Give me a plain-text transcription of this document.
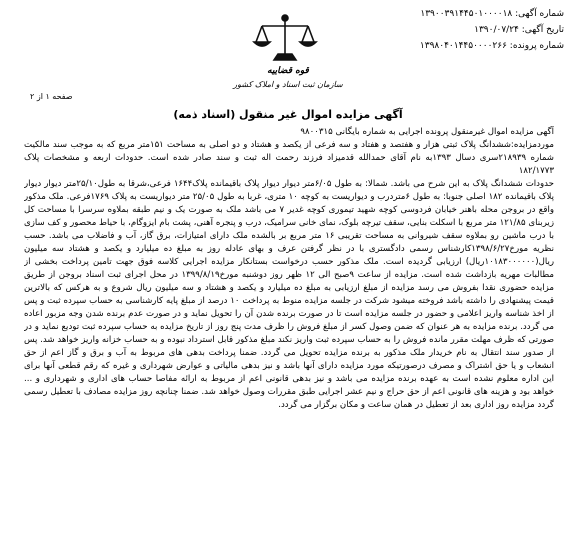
شماره آگهی: ۱۳۹۰۰۳۹۱۴۴۵۰۱۰۰۰۰۱۸
تاریخ آگهی: ۱۳۹۰/۰۷/۲۴
شماره پرونده: ۱۳۹۸۰۴۰۱۴۴۵۰۰۰۰۲۶۶
قوه قضاییه
سازمان ثبت اسناد و املاک کشور
صفحه ۱ از ۲
آگهی مزایده اموال غیر منقول (اسناد ذمه)

آگهی مزایده اموال غیرمنقول پرونده اجرایی به شماره بایگانی ۹۸۰۰۳۱۵

موردمزایده:ششدانگ پلاک ثبتی هزار و هفتصد و هفتاد و سه فرعی از یکصد و هشتاد و دو اصلی به مساحت ۱۵۱متر مربع که به موجب سند مالکیت شماره ۲۱۸۹۳۹سری دسال ۱۳۹۳به نام آقای حمدالله قدمیزاد فرزند رحمت اله ثبت و سند صادر شده است. حدودات اربعه و مشخصات پلاک ۱۸۲/۱۷۷۳

حدودات ششدانگ پلاک به این شرح می باشد. شمالا: به طول ۶/۰۵متر دیوار دیوار پلاک باقیمانده پلاک۱۶۴۴ فرعی،شرقا به طول۲۵/۱۰متر دیوار دیوار پلاک باقیمانده ۱۸۲ اصلی جنوبا: به طول ۶متردرب و دیواریست به کوچه ۱۰ متری، غربا به طول ۲۵/۰۵ متر دیواریست به پلاک ۱۷۶۹فرعی. ملک مذکور واقع در بروجن محله باهنر خیابان فردوسی کوچه شهید تیموری کوچه غدیر ۷ می باشد ملک به صورت یک و نیم طبقه بملاوه سرسرا با مساحت کل زیربنای ۱۲۱/۸۵ متر مربع با اسکلت بنایی، سقف تیرچه بلوک، نمای خانی سرامیک، درب و پنجره آهنی، پشت بام ایزوگام، با حیاط محصور و کف سازی با درب ماشین رو بملاوه سقف شیروانی به مساحت تقریبی ۱۶ متر مربع بر بالشده ملک دارای امتیازات، برق گاز، آب و فاضلاب می باشد. حسب نظریه مورخ۱۳۹۸/۶/۲۷کارشناس رسمی دادگستری با در نظر گرفتن عرف و بهای عادله روز به مبلغ ده میلیارد و یکصد و هشتاد سه میلیون ریال(۱۰۱۸۳۰۰۰۰۰۰ریال) ارزیابی گردیده است. ملک مذکور حسب درخواست بستانکار مزایده اجرایی کلاسه فوق جهت تامین پرداخت بخشی از مطالبات مهریه بازداشت شده است. مزایده از ساعت ۹صبح الی ۱۲ ظهر روز دوشنبه مورخ۱۳۹۹/۸/۱۹ در محل اجرای ثبت اسناد بروجن از طریق مزایده حضوری نقدا بفروش می رسد مزایده از مبلغ ارزیابی به مبلغ ده میلیارد و یکصد و هشتاد و سه میلیون ریال شروع و به هرکس که بالاترین قیمت پیشنهادی را داشته باشد فروخته میشود شرکت در جلسه مزایده منوط به پرداخت ۱۰ درصد از مبلغ پایه کارشناسی به حساب سپرده ثبت و پس از اخذ شناسه واریز اعلامی و حضور در جلسه مزایده است تا در صورت برنده شدن آن را تحویل نماید و در صورت عدم برنده شدن وجه مزبور اعاده می گردد. برنده مزایده به هر عنوان که ضمن وصول کسر از مبلغ فروش را ظرف مدت پنج روز از تاریخ مزایده به حساب سپرده ثبت تودیع نماید و در صورتی که ظرف مهلت مقرر مانده فروش را به حساب سپرده ثبت واریز نکند مبلغ مذکور قابل استرداد نبوده و به حساب خزانه واریز خواهد شد. پس از صدور سند انتقال به نام خریدار ملک مذکور به برنده مزایده تحویل می گردد. ضمنا پرداخت بدهی های مربوط به آب و برق و گاز اعم از حق انشعاب و یا حق اشتراک و مصرف درصورتیکه مورد مزایده دارای آنها باشد و نیز بدهی مالیاتی و عوارض شهرداری و غیره که رقم قطعی آنها برای این اداره معلوم نشده است به عهده برنده مزایده می باشد و نیز بدهی قانونی اعم از مربوط به ارائه مفاصا حساب های اداری و شهرداری و ... خواهد بود و هزینه های قانونی اعم از حق حراج و نیم عشر اجرایی طبق مقررات وصول خواهد شد. ضمنا چنانچه روز مزایده مصادف با تعطیل رسمی گردد مزایده روز اداری بعد از تعطیل در همان ساعت و مکان برگزار می گردد.
